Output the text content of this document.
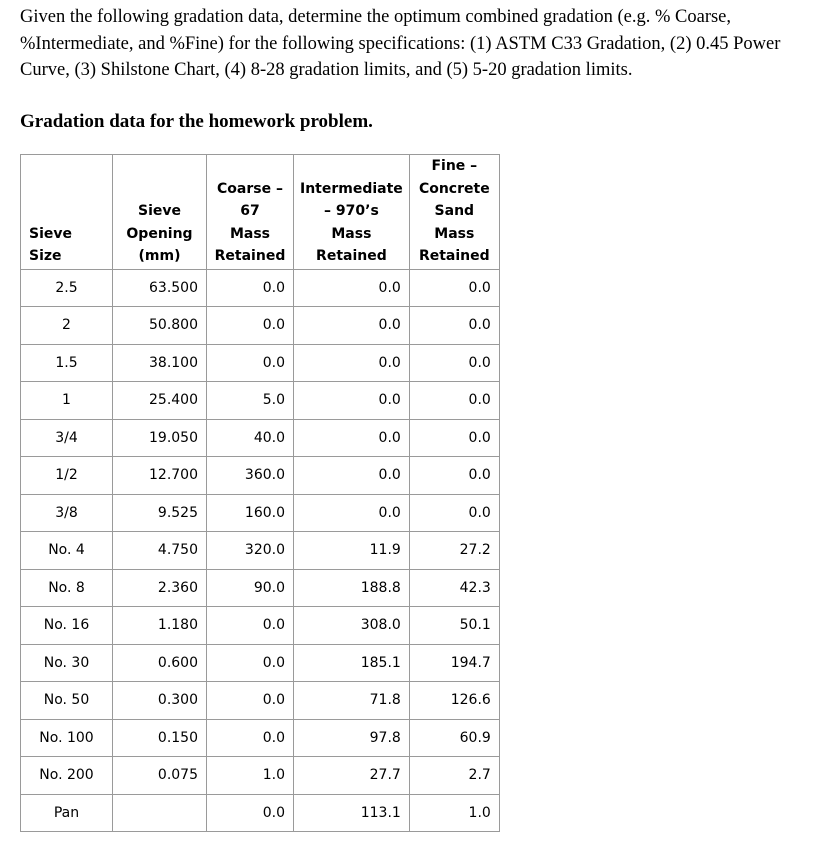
Given the following gradation data, determine the optimum combined gradation (e.g. % Coarse, %Intermediate, and %Fine) for the following specifications: (1) ASTM C33 Gradation, (2) 0.45 Power Curve, (3) Shilstone Chart, (4) 8-28 gradation limits, and (5) 5-20 gradation limits.

Gradation data for the homework problem.

Sieve Size	Sieve
Opening
(mm)	Coarse –
67
Mass
Retained	Intermediate
– 970’s
Mass
Retained	Fine –
Concrete
Sand
Mass
Retained
2.5	63.500	0.0	0.0	0.0
2	50.800	0.0	0.0	0.0
1.5	38.100	0.0	0.0	0.0
1	25.400	5.0	0.0	0.0
3/4	19.050	40.0	0.0	0.0
1/2	12.700	360.0	0.0	0.0
3/8	9.525	160.0	0.0	0.0
No. 4	4.750	320.0	11.9	27.2
No. 8	2.360	90.0	188.8	42.3
No. 16	1.180	0.0	308.0	50.1
No. 30	0.600	0.0	185.1	194.7
No. 50	0.300	0.0	71.8	126.6
No. 100	0.150	0.0	97.8	60.9
No. 200	0.075	1.0	27.7	2.7
Pan		0.0	113.1	1.0
